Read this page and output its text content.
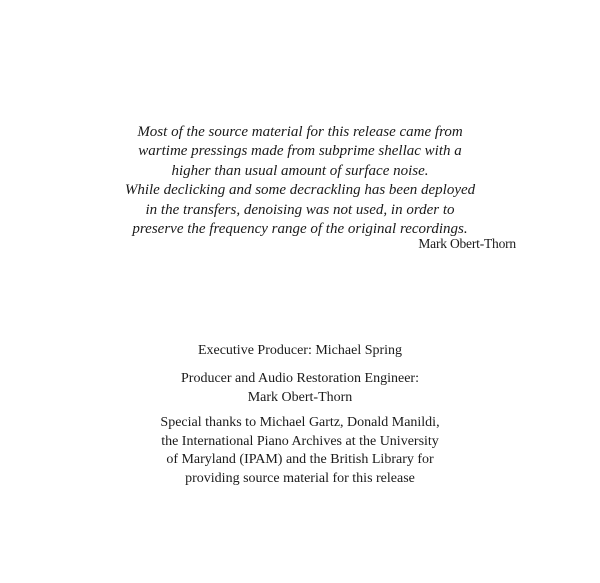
Most of the source material for this release came from
wartime pressings made from subprime shellac with a
higher than usual amount of surface noise.
While declicking and some decrackling has been deployed
in the transfers, denoising was not used, in order to
preserve the frequency range of the original recordings.
Mark Obert-Thorn
Executive Producer: Michael Spring
Producer and Audio Restoration Engineer:
Mark Obert-Thorn
Special thanks to Michael Gartz, Donald Manildi,
the International Piano Archives at the University
of Maryland (IPAM) and the British Library for
providing source material for this release
